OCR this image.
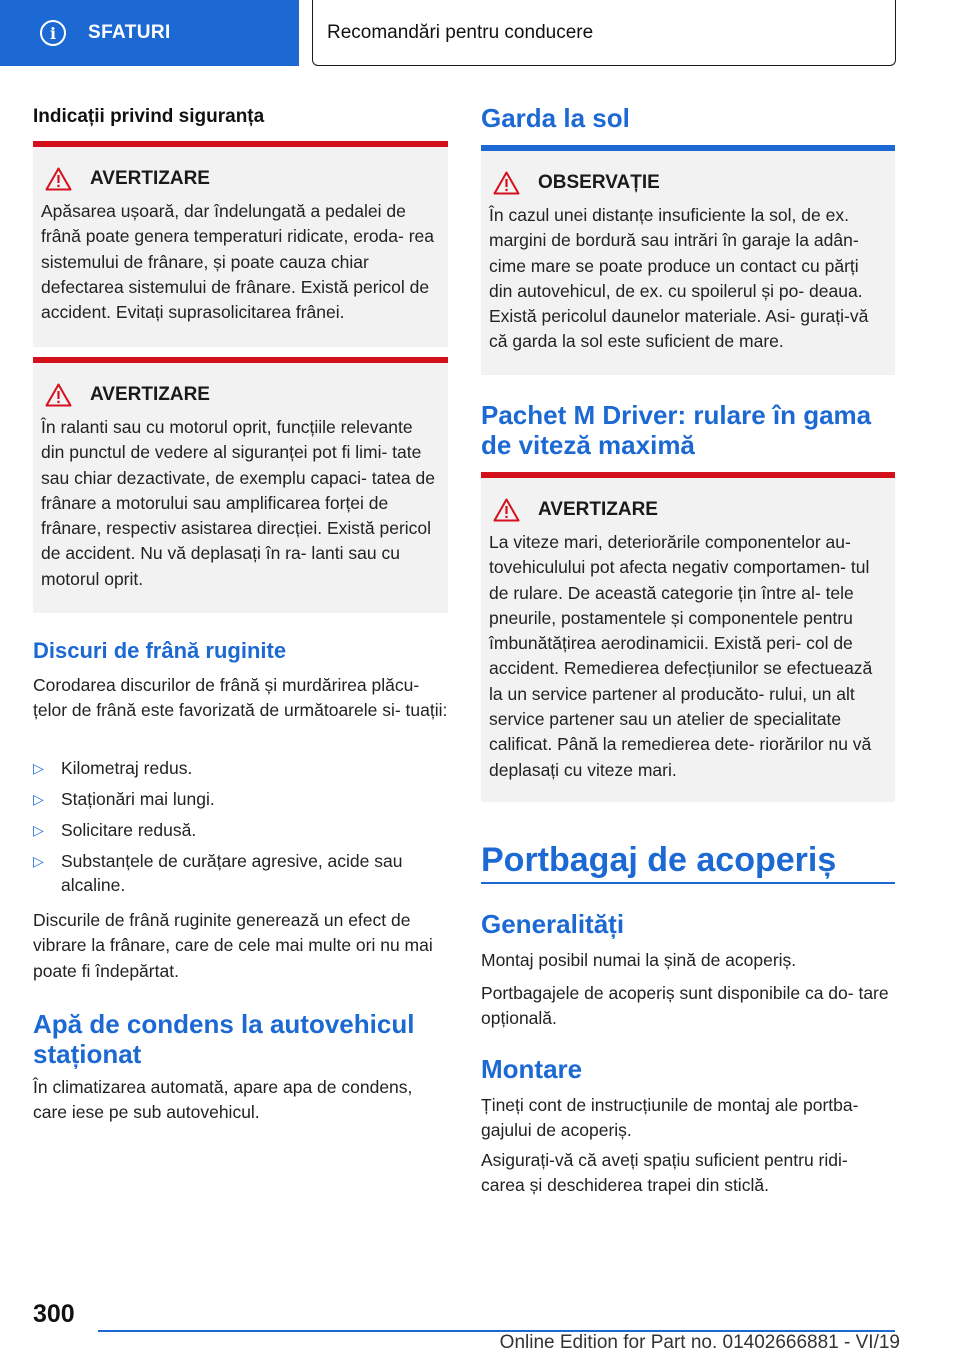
i	SFATURI	Recomandări pentru conducere
Indicații privind siguranța
AVERTIZARE
Apăsarea ușoară, dar îndelungată a pedalei de frână poate genera temperaturi ridicate, eroda- rea sistemului de frânare, și poate cauza chiar defectarea sistemului de frânare. Există pericol de accident. Evitați suprasolicitarea frânei.
AVERTIZARE
În ralanti sau cu motorul oprit, funcțiile relevante din punctul de vedere al siguranței pot fi limi- tate sau chiar dezactivate, de exemplu capaci- tatea de frânare a motorului sau amplificarea forței de frânare, respectiv asistarea direcției. Există pericol de accident. Nu vă deplasați în ra- lanti sau cu motorul oprit.
Discuri de frână ruginite
Corodarea discurilor de frână și murdărirea plăcu- țelor de frână este favorizată de următoarele si- tuații:
▷ Kilometraj redus.
▷ Staționări mai lungi.
▷ Solicitare redusă.
▷ Substanțele de curățare agresive, acide sau alcaline.
Discurile de frână ruginite generează un efect de vibrare la frânare, care de cele mai multe ori nu mai poate fi îndepărtat.
Apă de condens la autovehicul staționat
În climatizarea automată, apare apa de condens, care iese pe sub autovehicul.
Garda la sol
OBSERVAȚIE
În cazul unei distanțe insuficiente la sol, de ex. margini de bordură sau intrări în garaje la adân- cime mare se poate produce un contact cu părți din autovehicul, de ex. cu spoilerul și po- deaua. Există pericolul daunelor materiale. Asi- gurați-vă că garda la sol este suficient de mare.
Pachet M Driver: rulare în gama de viteză maximă
AVERTIZARE
La viteze mari, deteriorările componentelor au- tovehiculului pot afecta negativ comportamen- tul de rulare. De această categorie țin între al- tele pneurile, postamentele și componentele pentru îmbunătățirea aerodinamicii. Există peri- col de accident. Remedierea defecțiunilor se efectuează la un service partener al producăto- rului, un alt service partener sau un atelier de specialitate calificat. Până la remedierea dete- riorărilor nu vă deplasați cu viteze mari.
Portbagaj de acoperiș
Generalități
Montaj posibil numai la șină de acoperiș.
Portbagajele de acoperiș sunt disponibile ca do- tare opțională.
Montare
Țineți cont de instrucțiunile de montaj ale portba- gajului de acoperiș.
Asigurați-vă că aveți spațiu suficient pentru ridi- carea și deschiderea trapei din sticlă.
300
Online Edition for Part no. 01402666881 - VI/19
